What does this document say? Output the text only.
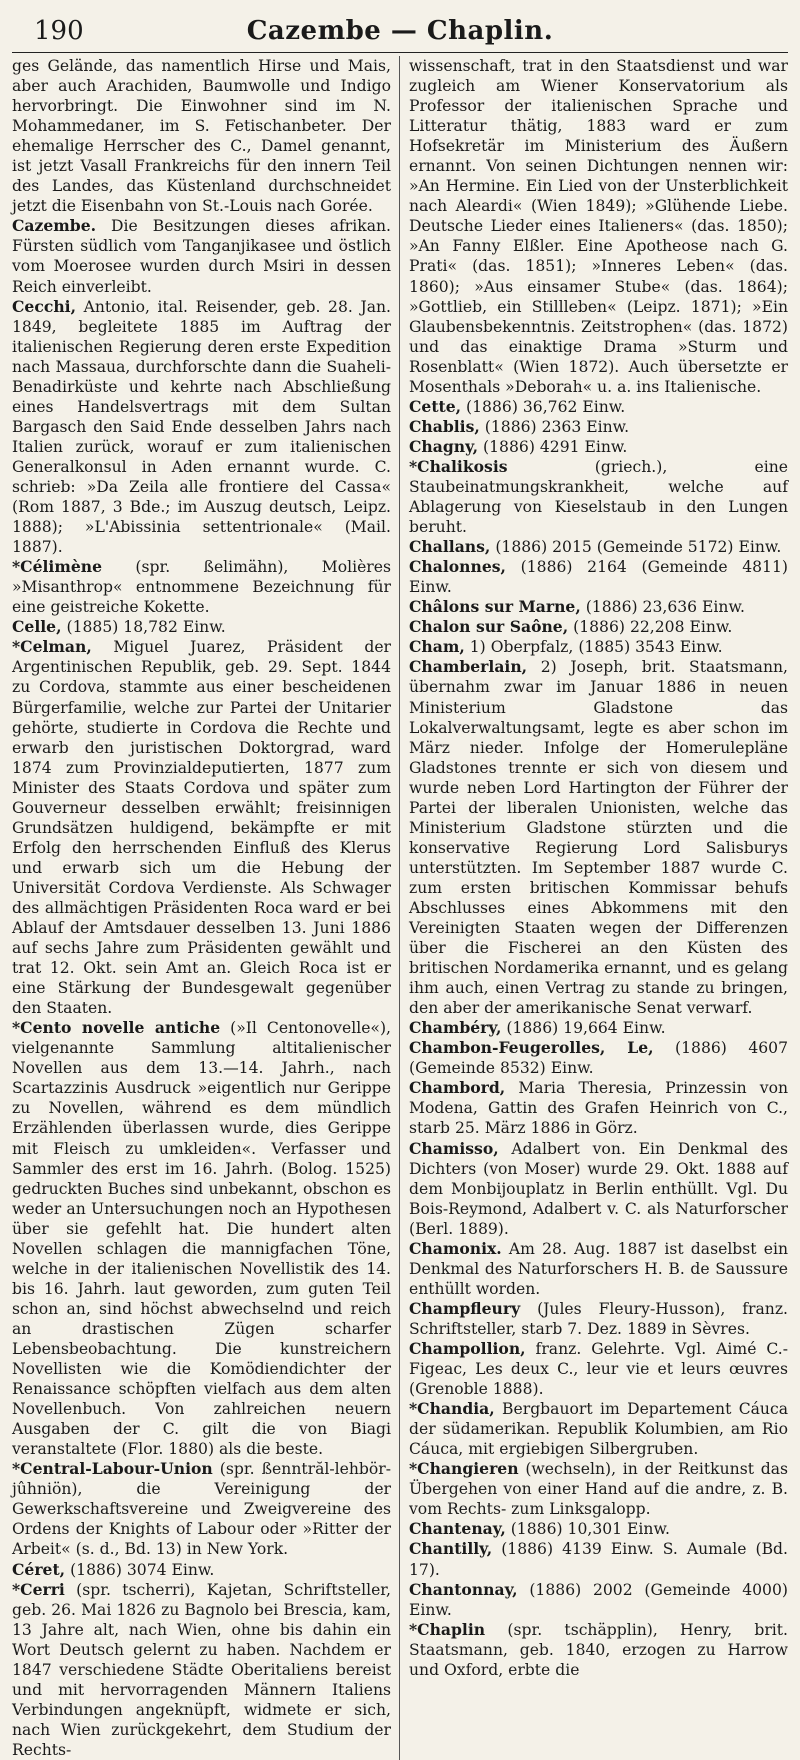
190	Cazembe — Chaplin.

ges Gelände, das namentlich Hirse und Mais, aber auch Arachiden, Baumwolle und Indigo hervorbringt. Die Einwohner sind im N. Mohammedaner, im S. Fetischanbeter. Der ehemalige Herrscher des C., Damel genannt, ist jetzt Vasall Frankreichs für den innern Teil des Landes, das Küstenland durchschneidet jetzt die Eisenbahn von St.-Louis nach Gorée.

Cazembe. Die Besitzungen dieses afrikan. Fürsten südlich vom Tanganjikasee und östlich vom Moerosee wurden durch Msiri in dessen Reich einverleibt.

Cecchi, Antonio, ital. Reisender, geb. 28. Jan. 1849, begleitete 1885 im Auftrag der italienischen Regierung deren erste Expedition nach Massaua, durchforschte dann die Suaheli-Benadirküste und kehrte nach Abschließung eines Handelsvertrags mit dem Sultan Bargasch den Said Ende desselben Jahrs nach Italien zurück, worauf er zum italienischen Generalkonsul in Aden ernannt wurde. C. schrieb: »Da Zeila alle frontiere del Cassa« (Rom 1887, 3 Bde.; im Auszug deutsch, Leipz. 1888); »L'Abissinia settentrionale« (Mail. 1887).

*Célimène (spr. ßelimähn), Molières »Misanthrop« entnommene Bezeichnung für eine geistreiche Kokette.

Celle, (1885) 18,782 Einw.

*Celman, Miguel Juarez, Präsident der Argentinischen Republik, geb. 29. Sept. 1844 zu Cordova, stammte aus einer bescheidenen Bürgerfamilie, welche zur Partei der Unitarier gehörte, studierte in Cordova die Rechte und erwarb den juristischen Doktorgrad, ward 1874 zum Provinzialdeputierten, 1877 zum Minister des Staats Cordova und später zum Gouverneur desselben erwählt; freisinnigen Grundsätzen huldigend, bekämpfte er mit Erfolg den herrschenden Einfluß des Klerus und erwarb sich um die Hebung der Universität Cordova Verdienste. Als Schwager des allmächtigen Präsidenten Roca ward er bei Ablauf der Amtsdauer desselben 13. Juni 1886 auf sechs Jahre zum Präsidenten gewählt und trat 12. Okt. sein Amt an. Gleich Roca ist er eine Stärkung der Bundesgewalt gegenüber den Staaten.

*Cento novelle antiche (»Il Centonovelle«), vielgenannte Sammlung altitalienischer Novellen aus dem 13.—14. Jahrh., nach Scartazzinis Ausdruck »eigentlich nur Gerippe zu Novellen, während es dem mündlich Erzählenden überlassen wurde, dies Gerippe mit Fleisch zu umkleiden«. Verfasser und Sammler des erst im 16. Jahrh. (Bolog. 1525) gedruckten Buches sind unbekannt, obschon es weder an Untersuchungen noch an Hypothesen über sie gefehlt hat. Die hundert alten Novellen schlagen die mannigfachen Töne, welche in der italienischen Novellistik des 14. bis 16. Jahrh. laut geworden, zum guten Teil schon an, sind höchst abwechselnd und reich an drastischen Zügen scharfer Lebensbeobachtung. Die kunstreichern Novellisten wie die Komödiendichter der Renaissance schöpften vielfach aus dem alten Novellenbuch. Von zahlreichen neuern Ausgaben der C. gilt die von Biagi veranstaltete (Flor. 1880) als die beste.

*Central-Labour-Union (spr. ßenntrăl-lehbör-jûhniön), die Vereinigung der Gewerkschaftsvereine und Zweigvereine des Ordens der Knights of Labour oder »Ritter der Arbeit« (s. d., Bd. 13) in New York.

Céret, (1886) 3074 Einw.

*Cerri (spr. tscherri), Kajetan, Schriftsteller, geb. 26. Mai 1826 zu Bagnolo bei Brescia, kam, 13 Jahre alt, nach Wien, ohne bis dahin ein Wort Deutsch gelernt zu haben. Nachdem er 1847 verschiedene Städte Oberitaliens bereist und mit hervorragenden Männern Italiens Verbindungen angeknüpft, widmete er sich, nach Wien zurückgekehrt, dem Studium der Rechts-

wissenschaft, trat in den Staatsdienst und war zugleich am Wiener Konservatorium als Professor der italienischen Sprache und Litteratur thätig, 1883 ward er zum Hofsekretär im Ministerium des Äußern ernannt. Von seinen Dichtungen nennen wir: »An Hermine. Ein Lied von der Unsterblichkeit nach Aleardi« (Wien 1849); »Glühende Liebe. Deutsche Lieder eines Italieners« (das. 1850); »An Fanny Elßler. Eine Apotheose nach G. Prati« (das. 1851); »Inneres Leben« (das. 1860); »Aus einsamer Stube« (das. 1864); »Gottlieb, ein Stillleben« (Leipz. 1871); »Ein Glaubensbekenntnis. Zeitstrophen« (das. 1872) und das einaktige Drama »Sturm und Rosenblatt« (Wien 1872). Auch übersetzte er Mosenthals »Deborah« u. a. ins Italienische.

Cette, (1886) 36,762 Einw.

Chablis, (1886) 2363 Einw.

Chagny, (1886) 4291 Einw.

*Chalikosis (griech.), eine Staubeinatmungskrankheit, welche auf Ablagerung von Kieselstaub in den Lungen beruht.

Challans, (1886) 2015 (Gemeinde 5172) Einw.

Chalonnes, (1886) 2164 (Gemeinde 4811) Einw.

Châlons sur Marne, (1886) 23,636 Einw.

Chalon sur Saône, (1886) 22,208 Einw.

Cham, 1) Oberpfalz, (1885) 3543 Einw.

Chamberlain, 2) Joseph, brit. Staatsmann, übernahm zwar im Januar 1886 in neuen Ministerium Gladstone das Lokalverwaltungsamt, legte es aber schon im März nieder. Infolge der Homerulepläne Gladstones trennte er sich von diesem und wurde neben Lord Hartington der Führer der Partei der liberalen Unionisten, welche das Ministerium Gladstone stürzten und die konservative Regierung Lord Salisburys unterstützten. Im September 1887 wurde C. zum ersten britischen Kommissar behufs Abschlusses eines Abkommens mit den Vereinigten Staaten wegen der Differenzen über die Fischerei an den Küsten des britischen Nordamerika ernannt, und es gelang ihm auch, einen Vertrag zu stande zu bringen, den aber der amerikanische Senat verwarf.

Chambéry, (1886) 19,664 Einw.

Chambon-Feugerolles, Le, (1886) 4607 (Gemeinde 8532) Einw.

Chambord, Maria Theresia, Prinzessin von Modena, Gattin des Grafen Heinrich von C., starb 25. März 1886 in Görz.

Chamisso, Adalbert von. Ein Denkmal des Dichters (von Moser) wurde 29. Okt. 1888 auf dem Monbijouplatz in Berlin enthüllt. Vgl. Du Bois-Reymond, Adalbert v. C. als Naturforscher (Berl. 1889).

Chamonix. Am 28. Aug. 1887 ist daselbst ein Denkmal des Naturforschers H. B. de Saussure enthüllt worden.

Champfleury (Jules Fleury-Husson), franz. Schriftsteller, starb 7. Dez. 1889 in Sèvres.

Champollion, franz. Gelehrte. Vgl. Aimé C.-Figeac, Les deux C., leur vie et leurs œuvres (Grenoble 1888).

*Chandia, Bergbauort im Departement Cáuca der südamerikan. Republik Kolumbien, am Rio Cáuca, mit ergiebigen Silbergruben.

*Changieren (wechseln), in der Reitkunst das Übergehen von einer Hand auf die andre, z. B. vom Rechts- zum Linksgalopp.

Chantenay, (1886) 10,301 Einw.

Chantilly, (1886) 4139 Einw. S. Aumale (Bd. 17).

Chantonnay, (1886) 2002 (Gemeinde 4000) Einw.

*Chaplin (spr. tschäpplin), Henry, brit. Staatsmann, geb. 1840, erzogen zu Harrow und Oxford, erbte die
